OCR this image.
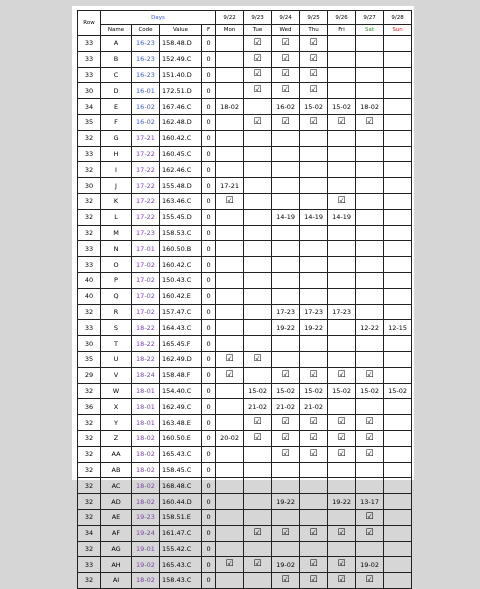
Row	Days				9/22	9/23	9/24	9/25	9/26	9/27	9/28
	Name	Code	Value	F	Mon	Tue	Wed	Thu	Fri	Sat	Sun
33	A	16-23	158.48.D	0		☑	☑	☑			
33	B	16-23	152.49.C	0		☑	☑	☑			
33	C	16-23	151.40.D	0		☑	☑	☑			
30	D	16-01	172.51.D	0		☑	☑	☑			
34	E	16-02	167.46.C	0	18-02		16-02	15-02	15-02	18-02	
35	F	16-02	162.48.D	0		☑	☑	☑	☑	☑	
32	G	17-21	160.42.C	0							
33	H	17-22	160.45.C	0							
32	I	17-22	162.46.C	0							
30	J	17-22	155.48.D	0	17-21						
32	K	17-22	163.46.C	0	☑				☑		
32	L	17-22	155.45.D	0			14-19	14-19	14-19		
32	M	17-23	158.53.C	0							
33	N	17-01	160.50.B	0							
33	O	17-02	160.42.C	0							
40	P	17-02	150.43.C	0							
40	Q	17-02	160.42.E	0							
32	R	17-02	157.47.C	0			17-23	17-23	17-23		
33	S	18-22	164.43.C	0			19-22	19-22		12-22	12-15
30	T	18-22	165.45.F	0							
35	U	18-22	162.49.D	0	☑	☑					
29	V	18-24	158.48.F	0	☑		☑	☑	☑	☑	
32	W	18-01	154.40.C	0		15-02	15-02	15-02	15-02	15-02	15-02
36	X	18-01	162.49.C	0		21-02	21-02	21-02			
32	Y	18-01	163.48.E	0		☑	☑	☑	☑	☑	
32	Z	18-02	160.50.E	0	20-02	☑	☑	☑	☑	☑	
32	AA	18-02	165.43.C	0			☑	☑	☑	☑	
32	AB	18-02	158.45.C	0							
32	AC	18-02	168.48.C	0							
32	AD	18-02	160.44.D	0			19-22		19-22	13-17	
32	AE	19-23	158.51.E	0						☑	
34	AF	19-24	161.47.C	0		☑	☑	☑	☑	☑	
32	AG	19-01	155.42.C	0							
33	AH	19-02	165.43.C	0	☑	☑	19-02	☑	☑	19-02	
32	AI	18-02	158.43.C	0			☑	☑	☑	☑	
